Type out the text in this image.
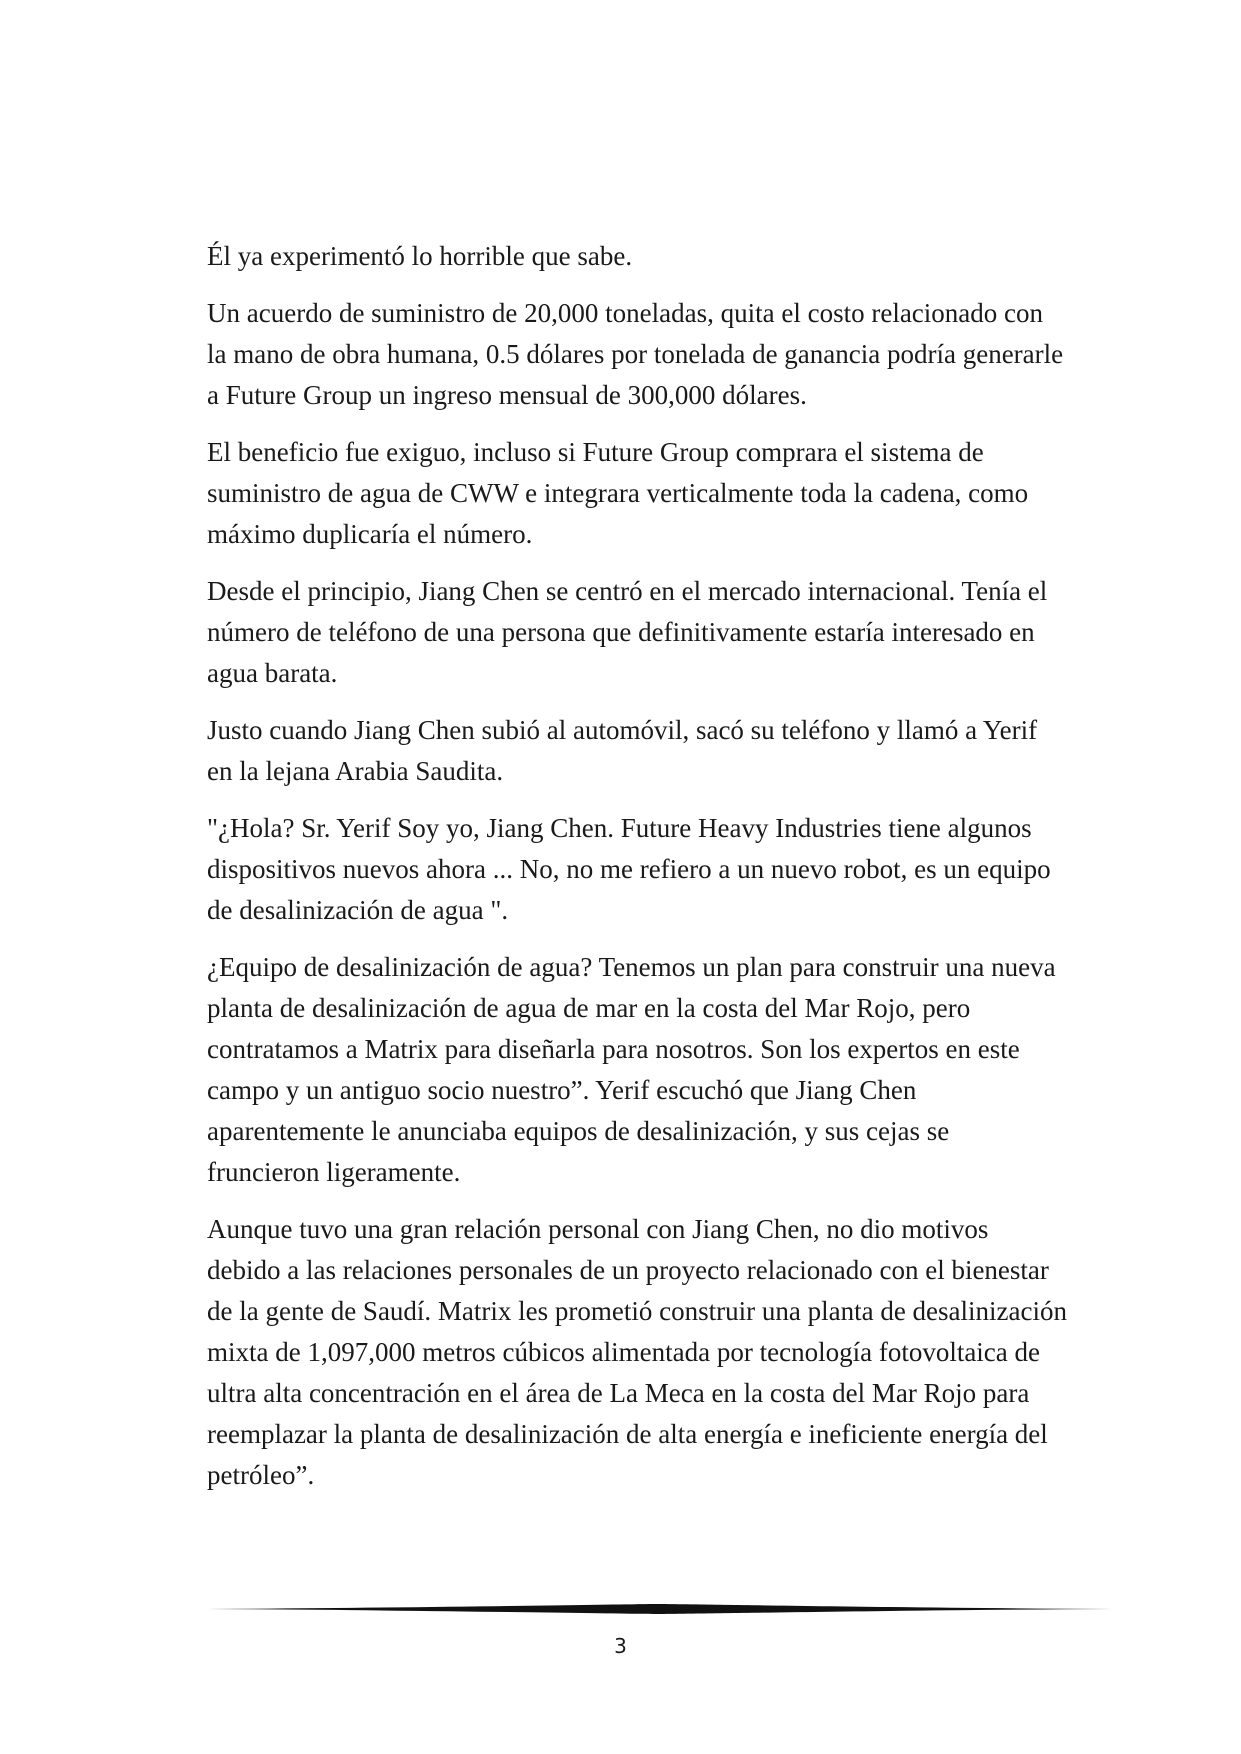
Él ya experimentó lo horrible que sabe.

Un acuerdo de suministro de 20,000 toneladas, quita el costo relacionado con la mano de obra humana, 0.5 dólares por tonelada de ganancia podría generarle a Future Group un ingreso mensual de 300,000 dólares.

El beneficio fue exiguo, incluso si Future Group comprara el sistema de suministro de agua de CWW e integrara verticalmente toda la cadena, como máximo duplicaría el número.

Desde el principio, Jiang Chen se centró en el mercado internacional. Tenía el número de teléfono de una persona que definitivamente estaría interesado en agua barata.

Justo cuando Jiang Chen subió al automóvil, sacó su teléfono y llamó a Yerif en la lejana Arabia Saudita.

"¿Hola? Sr. Yerif Soy yo, Jiang Chen. Future Heavy Industries tiene algunos dispositivos nuevos ahora ... No, no me refiero a un nuevo robot, es un equipo de desalinización de agua ".

¿Equipo de desalinización de agua? Tenemos un plan para construir una nueva planta de desalinización de agua de mar en la costa del Mar Rojo, pero contratamos a Matrix para diseñarla para nosotros. Son los expertos en este campo y un antiguo socio nuestro”. Yerif escuchó que Jiang Chen aparentemente le anunciaba equipos de desalinización, y sus cejas se fruncieron ligeramente.

Aunque tuvo una gran relación personal con Jiang Chen, no dio motivos debido a las relaciones personales de un proyecto relacionado con el bienestar de la gente de Saudí. Matrix les prometió construir una planta de desalinización mixta de 1,097,000 metros cúbicos alimentada por tecnología fotovoltaica de ultra alta concentración en el área de La Meca en la costa del Mar Rojo para reemplazar la planta de desalinización de alta energía e ineficiente energía del petróleo”.

3
